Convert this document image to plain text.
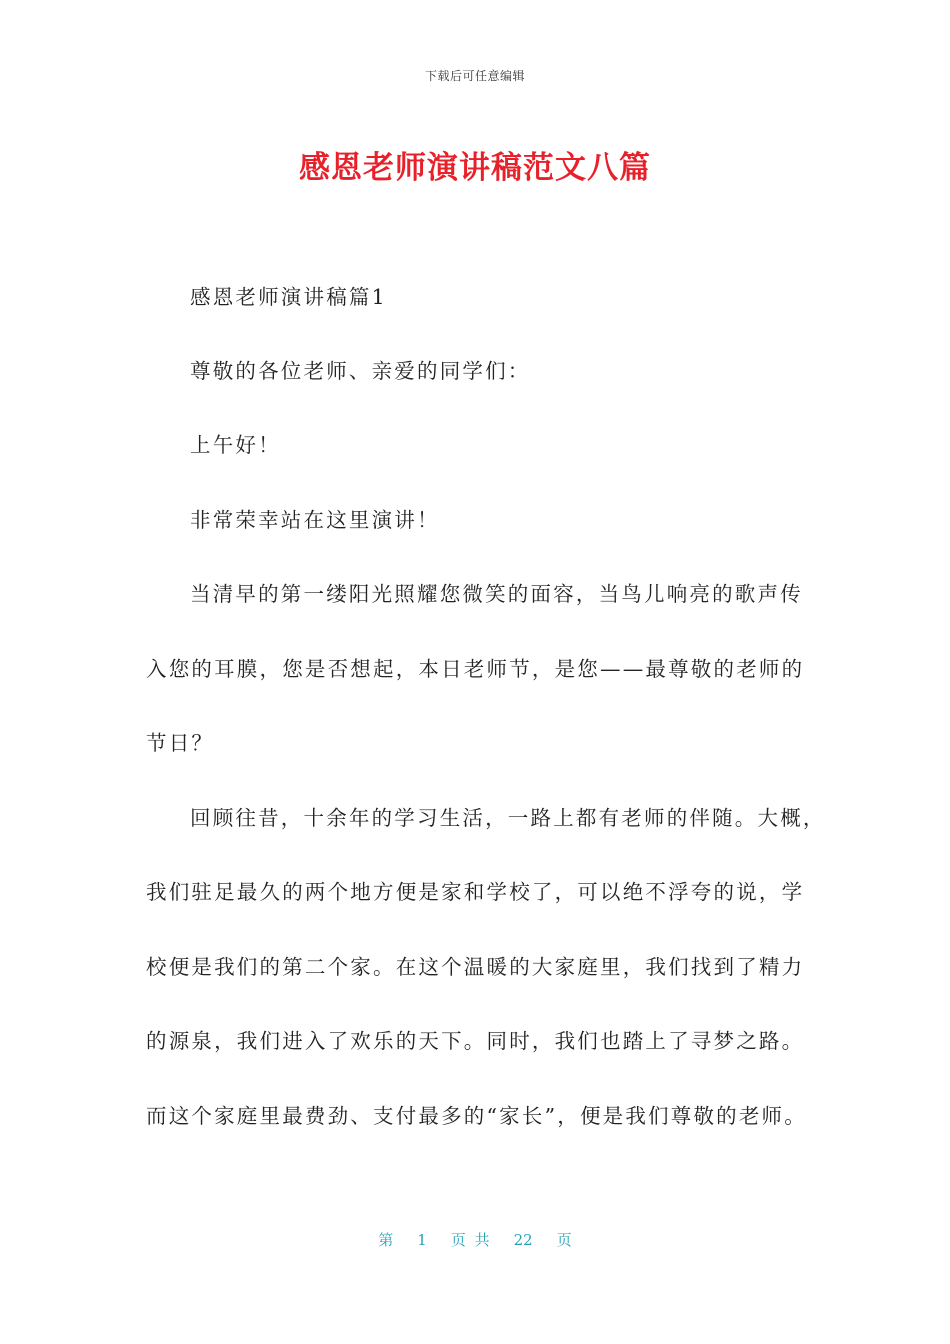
下载后可任意编辑
感恩老师演讲稿范文八篇
感恩老师演讲稿篇1
尊敬的各位老师、亲爱的同学们：
上午好！
非常荣幸站在这里演讲！
当清早的第一缕阳光照耀您微笑的面容，当鸟儿响亮的歌声传
入您的耳膜，您是否想起，本日老师节，是您——最尊敬的老师的
节日？
回顾往昔，十余年的学习生活，一路上都有老师的伴随。大概，
我们驻足最久的两个地方便是家和学校了，可以绝不浮夸的说，学
校便是我们的第二个家。在这个温暖的大家庭里，我们找到了精力
的源泉，我们进入了欢乐的天下。同时，我们也踏上了寻梦之路。
而这个家庭里最费劲、支付最多的“家长”，便是我们尊敬的老师。
第 1 页 共 22 页
